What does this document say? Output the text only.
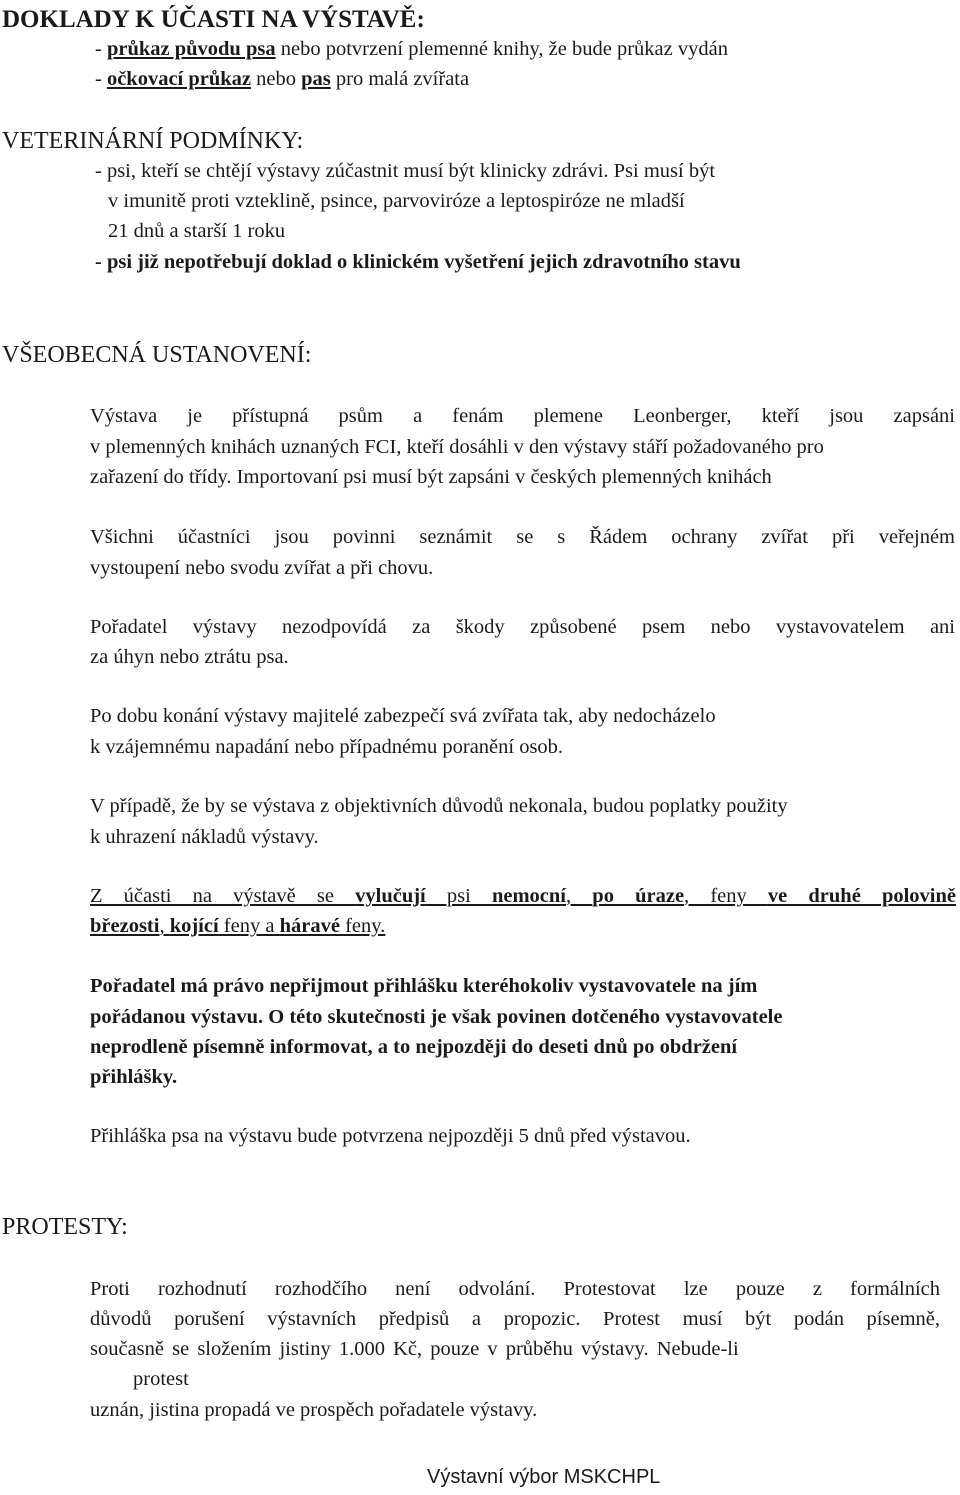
DOKLADY K ÚČASTI NA VÝSTAVĚ:
- průkaz původu psa nebo potvrzení plemenné knihy, že bude průkaz vydán
- očkovací průkaz nebo pas pro malá zvířata
VETERINÁRNÍ PODMÍNKY:
- psi, kteří se chtějí výstavy zúčastnit musí být klinicky zdrávi. Psi musí být
v imunitě proti vzteklině, psince, parvoviróze a leptospiróze ne mladší
21 dnů a starší 1 roku
- psi již nepotřebují doklad o klinickém vyšetření jejich zdravotního stavu
VŠEOBECNÁ USTANOVENÍ:
Výstava je přístupná psům a fenám plemene Leonberger, kteří jsou zapsáni
v plemenných knihách uznaných FCI, kteří dosáhli v den výstavy stáří požadovaného pro
zařazení do třídy. Importovaní psi musí být zapsáni v českých plemenných knihách
Všichni účastníci jsou povinni seznámit se s Řádem ochrany zvířat při veřejném
vystoupení nebo svodu zvířat a při chovu.
Pořadatel výstavy nezodpovídá za škody způsobené psem nebo vystavovatelem ani
za úhyn nebo ztrátu psa.
Po dobu konání výstavy majitelé zabezpečí svá zvířata tak, aby nedocházelo
k vzájemnému napadání nebo případnému poranění osob.
V případě, že by se výstava z objektivních důvodů nekonala, budou poplatky použity
k uhrazení nákladů výstavy.
Z účasti na výstavě se vylučují psi nemocní, po úraze, feny ve druhé polovině
březosti, kojící feny a háravé feny.
Pořadatel má právo nepřijmout přihlášku kteréhokoliv vystavovatele na jím
pořádanou výstavu. O této skutečnosti je však povinen dotčeného vystavovatele
neprodleně písemně informovat, a to nejpozději do deseti dnů po obdržení
přihlášky.
Přihláška psa na výstavu bude potvrzena nejpozději 5 dnů před výstavou.
PROTESTY:
Proti rozhodnutí rozhodčího není odvolání. Protestovat lze pouze z formálních
důvodů porušení výstavních předpisů a propozic. Protest musí být podán písemně,
současně se složením jistiny 1.000 Kč, pouze v průběhu výstavy. Nebude-li
protest
uznán, jistina propadá ve prospěch pořadatele výstavy.
Výstavní výbor MSKCHPL
